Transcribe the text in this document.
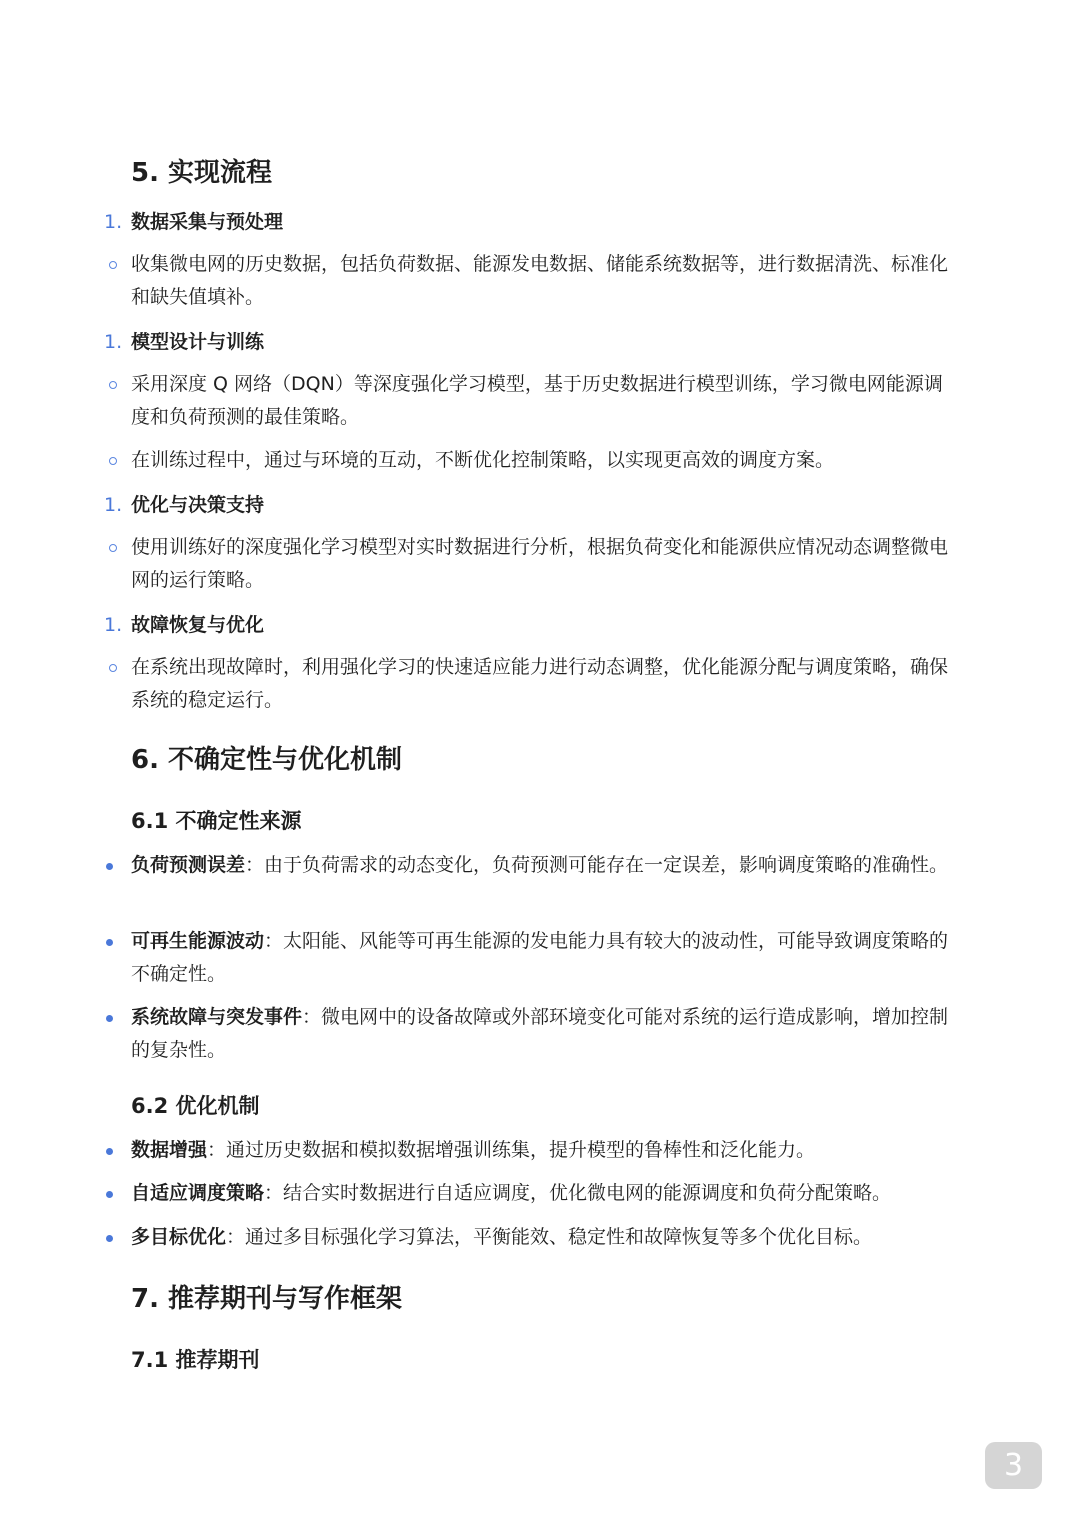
5. 实现流程
1. 数据采集与预处理
收集微电网的历史数据，包括负荷数据、能源发电数据、储能系统数据等，进行数据清洗、标准化和缺失值填补。
1. 模型设计与训练
采用深度 Q 网络（DQN）等深度强化学习模型，基于历史数据进行模型训练，学习微电网能源调度和负荷预测的最佳策略。
在训练过程中，通过与环境的互动，不断优化控制策略，以实现更高效的调度方案。
1. 优化与决策支持
使用训练好的深度强化学习模型对实时数据进行分析，根据负荷变化和能源供应情况动态调整微电网的运行策略。
1. 故障恢复与优化
在系统出现故障时，利用强化学习的快速适应能力进行动态调整，优化能源分配与调度策略，确保系统的稳定运行。
6. 不确定性与优化机制
6.1 不确定性来源
负荷预测误差：由于负荷需求的动态变化，负荷预测可能存在一定误差，影响调度策略的准确性。
可再生能源波动：太阳能、风能等可再生能源的发电能力具有较大的波动性，可能导致调度策略的不确定性。
系统故障与突发事件：微电网中的设备故障或外部环境变化可能对系统的运行造成影响，增加控制的复杂性。
6.2 优化机制
数据增强：通过历史数据和模拟数据增强训练集，提升模型的鲁棒性和泛化能力。
自适应调度策略：结合实时数据进行自适应调度，优化微电网的能源调度和负荷分配策略。
多目标优化：通过多目标强化学习算法，平衡能效、稳定性和故障恢复等多个优化目标。
7. 推荐期刊与写作框架
7.1 推荐期刊
3
